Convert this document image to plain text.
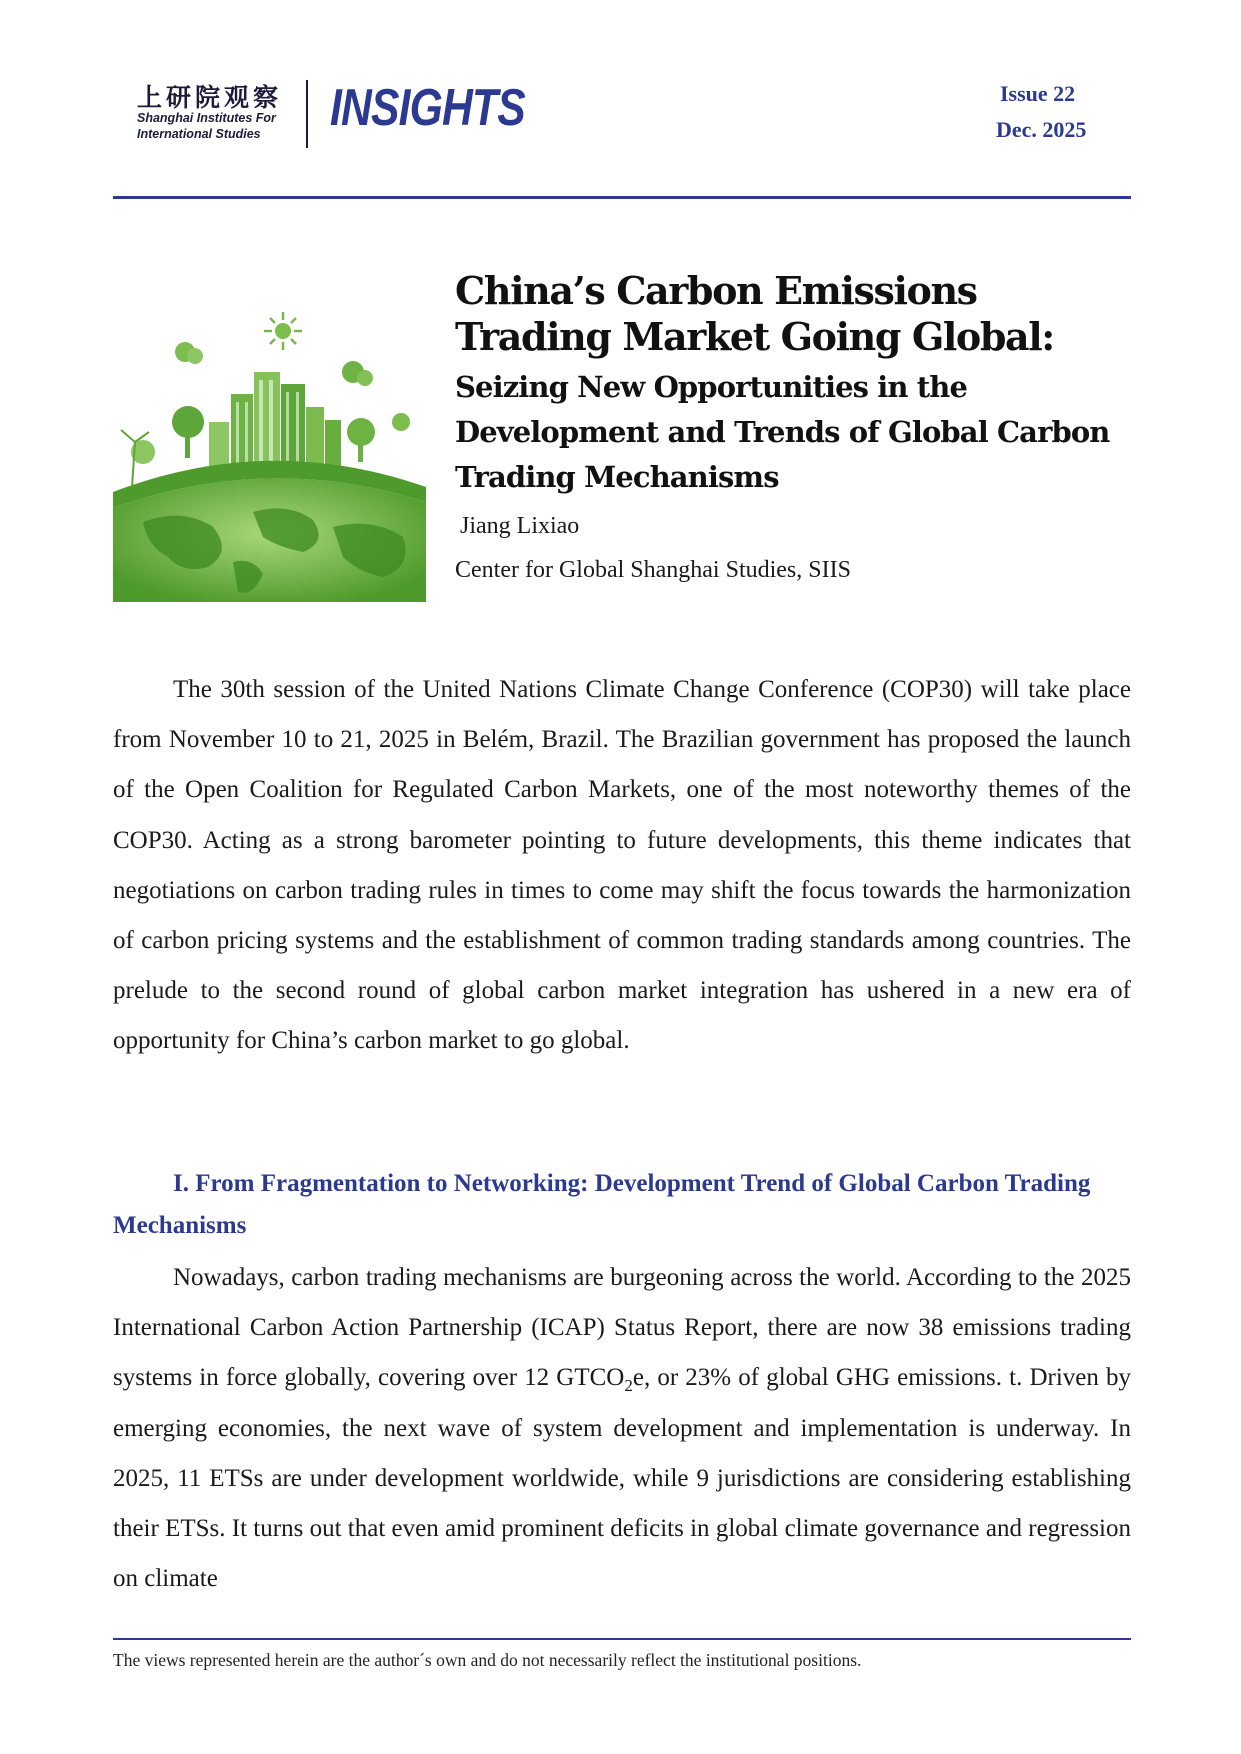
上研院观察
Shanghai Institutes For
International Studies INSIGHTS	Issue 22
Dec. 2025
China’s Carbon Emissions Trading Market Going Global:
Seizing New Opportunities in the Development and Trends of Global Carbon Trading Mechanisms
Jiang Lixiao
Center for Global Shanghai Studies, SIIS

The 30th session of the United Nations Climate Change Conference (COP30) will take place from November 10 to 21, 2025 in Belém, Brazil. The Brazilian government has proposed the launch of the Open Coalition for Regulated Carbon Markets, one of the most noteworthy themes of the COP30. Acting as a strong barometer pointing to future developments, this theme indicates that negotiations on carbon trading rules in times to come may shift the focus towards the harmonization of carbon pricing systems and the establishment of common trading standards among countries. The prelude to the second round of global carbon market integration has ushered in a new era of opportunity for China’s carbon market to go global.

I. From Fragmentation to Networking: Development Trend of Global Carbon Trading Mechanisms

Nowadays, carbon trading mechanisms are burgeoning across the world. According to the 2025 International Carbon Action Partnership (ICAP) Status Report, there are now 38 emissions trading systems in force globally, covering over 12 $GTCO_2e$, or 23% of global GHG emissions. t. Driven by emerging economies, the next wave of system development and implementation is underway. In 2025, 11 ETSs are under development worldwide, while 9 jurisdictions are considering establishing their ETSs. It turns out that even amid prominent deficits in global climate governance and regression on climate

The views represented herein are the author´s own and do not necessarily reflect the institutional positions.
